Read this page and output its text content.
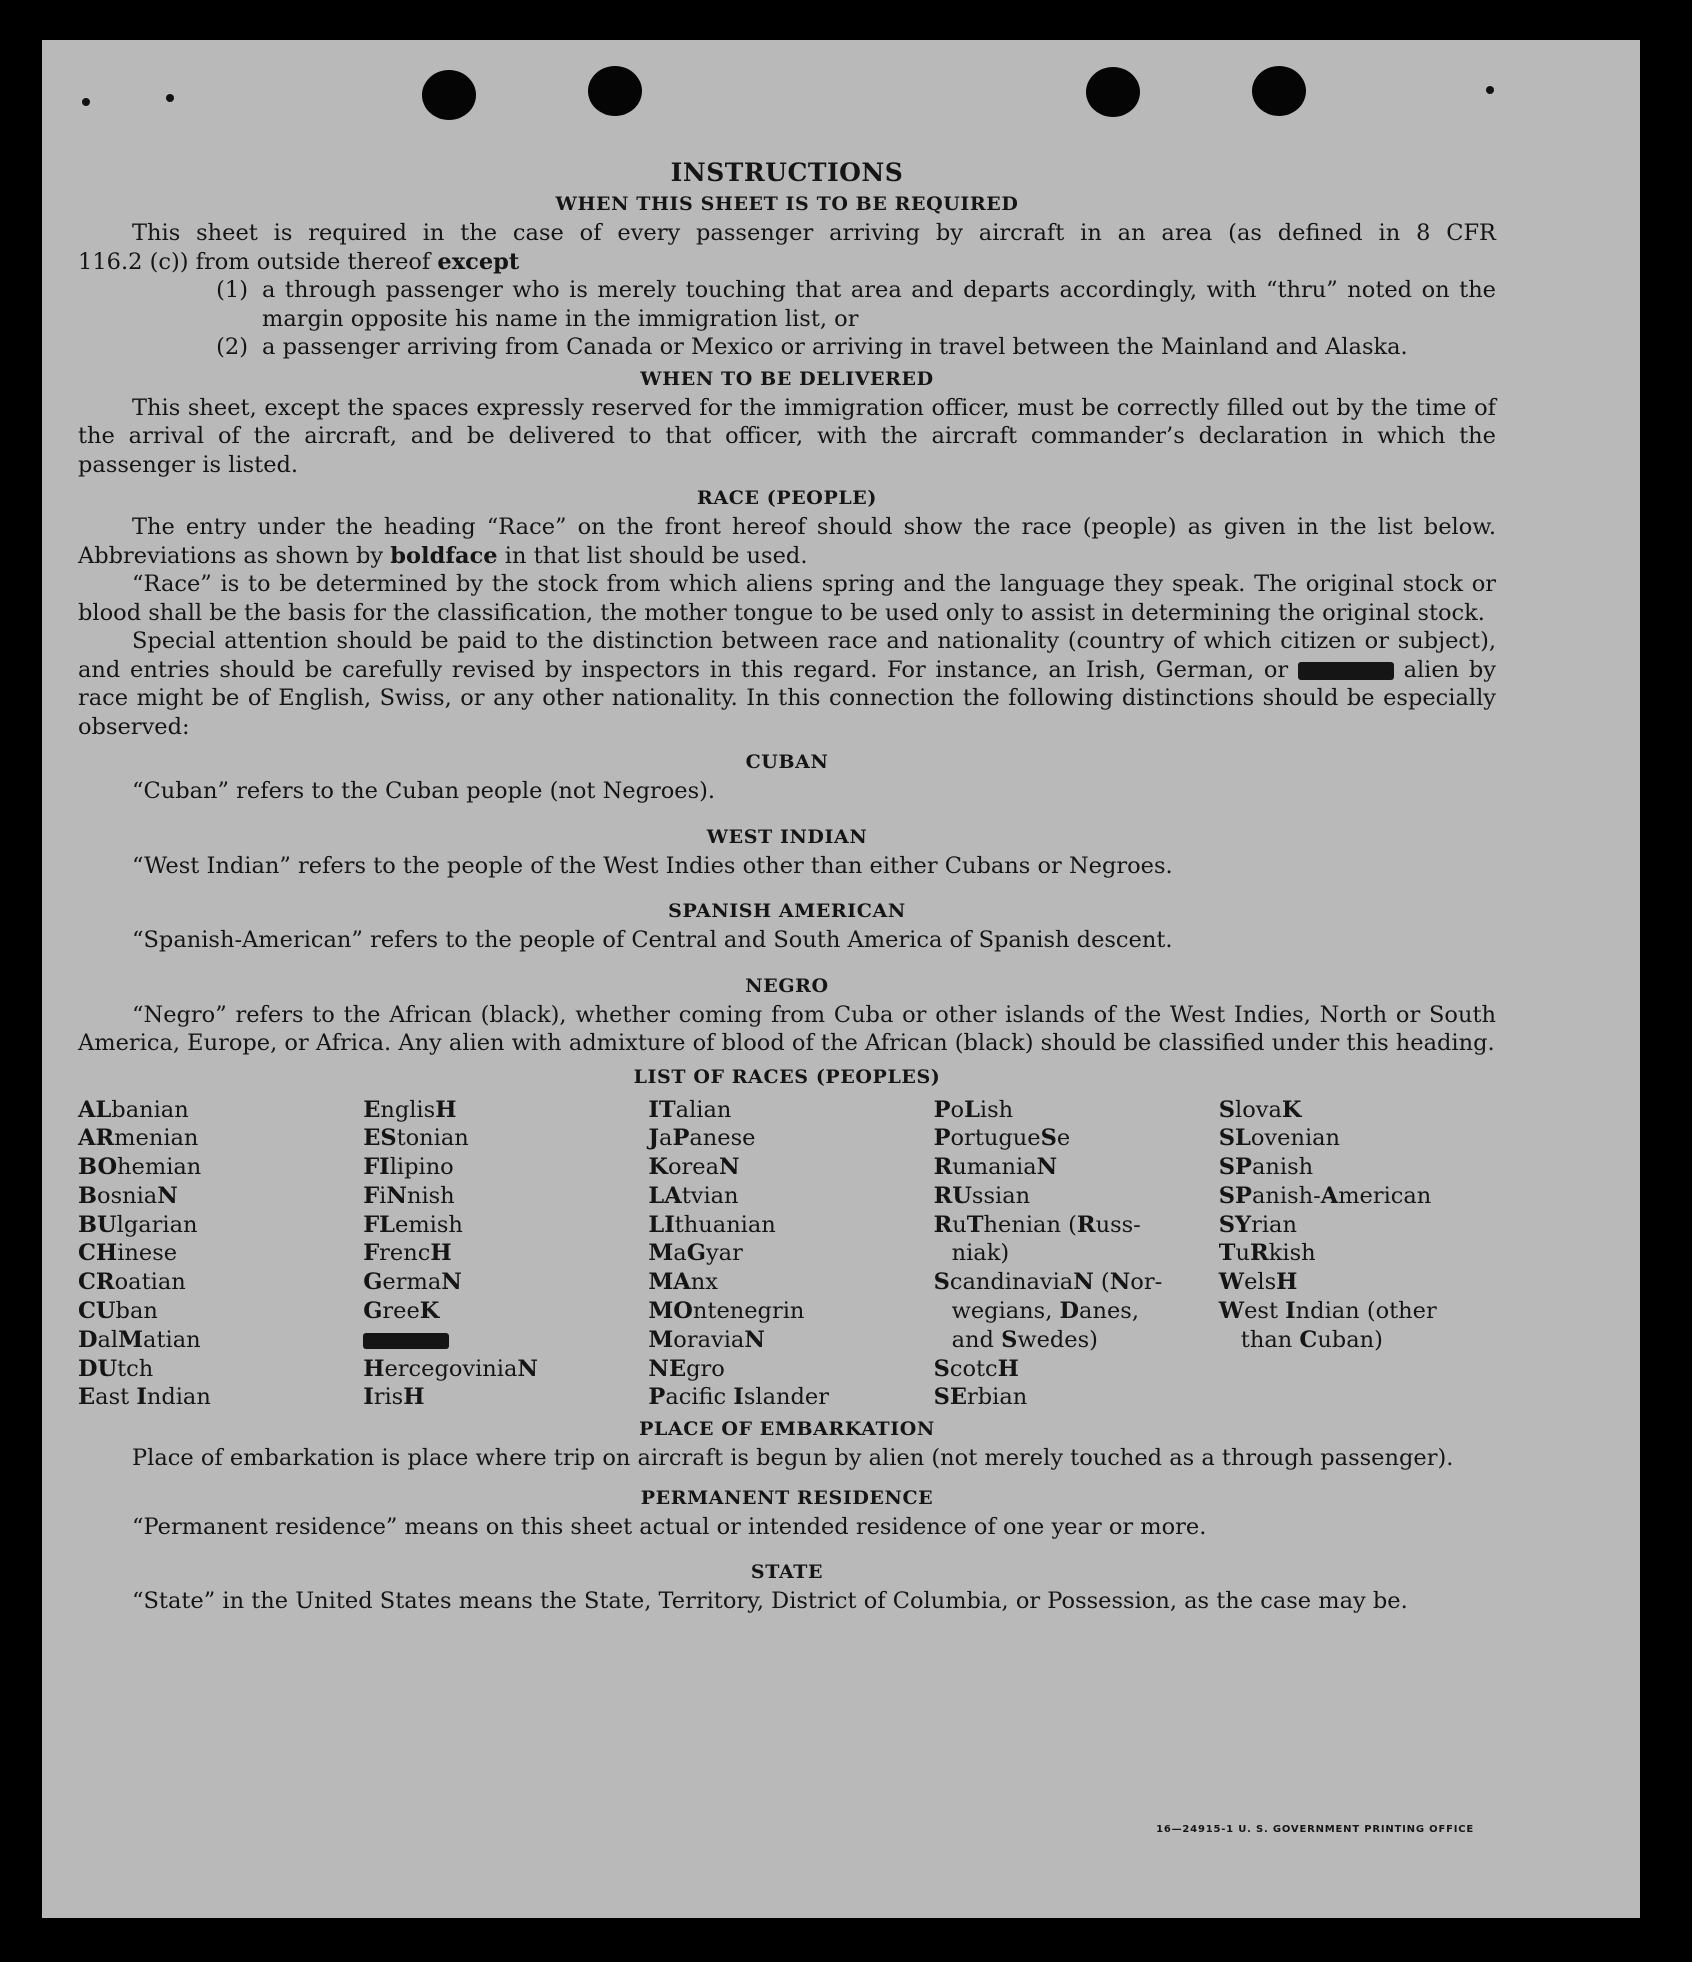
INSTRUCTIONS
WHEN THIS SHEET IS TO BE REQUIRED

This sheet is required in the case of every passenger arriving by aircraft in an area (as defined in 8 CFR

116.2 (c)) from outside thereof except

(1) a through passenger who is merely touching that area and departs accordingly, with “thru” noted on the margin opposite his name in the immigration list, or
(2) a passenger arriving from Canada or Mexico or arriving in travel between the Mainland and Alaska.
WHEN TO BE DELIVERED

This sheet, except the spaces expressly reserved for the immigration officer, must be correctly filled out by the time of the arrival of the aircraft, and be delivered to that officer, with the aircraft commander’s declaration in which the passenger is listed.

RACE (PEOPLE)

The entry under the heading “Race” on the front hereof should show the race (people) as given in the list below. Abbreviations as shown by boldface in that list should be used.

“Race” is to be determined by the stock from which aliens spring and the language they speak. The original stock or blood shall be the basis for the classification, the mother tongue to be used only to assist in determining the original stock.

Special attention should be paid to the distinction between race and nationality (country of which citizen or subject), and entries should be carefully revised by inspectors in this regard. For instance, an Irish, German, or	alien by race might be of English, Swiss, or any other nationality. In this connection the following distinctions should be especially observed:

CUBAN

“Cuban” refers to the Cuban people (not Negroes).

WEST INDIAN

“West Indian” refers to the people of the West Indies other than either Cubans or Negroes.

SPANISH AMERICAN

“Spanish-American” refers to the people of Central and South America of Spanish descent.

NEGRO

“Negro” refers to the African (black), whether coming from Cuba or other islands of the West Indies, North or South America, Europe, or Africa. Any alien with admixture of blood of the African (black) should be classified under this heading.

LIST OF RACES (PEOPLES)
ALbanian
ARmenian
BOhemian
BosniaN
BUlgarian
CHinese
CRoatian
CUban
DalMatian
DUtch
East Indian
EnglisH
EStonian
FIlipino
FiNnish
FLemish
FrencH
GermaN
GreeK
HercegoviniaN
IrisH
ITalian
JaPanese
KoreaN
LAtvian
LIthuanian
MaGyar
MAnx
MOntenegrin
MoraviaN
NEgro
Pacific Islander
PoLish
PortugueSe
RumaniaN
RUssian
RuThenian (Russ-
niak)
ScandinaviaN (Nor-
wegians, Danes,
and Swedes)
ScotcH
SErbian
SlovaK
SLovenian
SPanish
SPanish-American
SYrian
TuRkish
WelsH
West Indian (other
than Cuban)
PLACE OF EMBARKATION

Place of embarkation is place where trip on aircraft is begun by alien (not merely touched as a through passenger).

PERMANENT RESIDENCE

“Permanent residence” means on this sheet actual or intended residence of one year or more.

STATE

“State” in the United States means the State, Territory, District of Columbia, or Possession, as the case may be.

16—24915-1 U. S. GOVERNMENT PRINTING OFFICE
